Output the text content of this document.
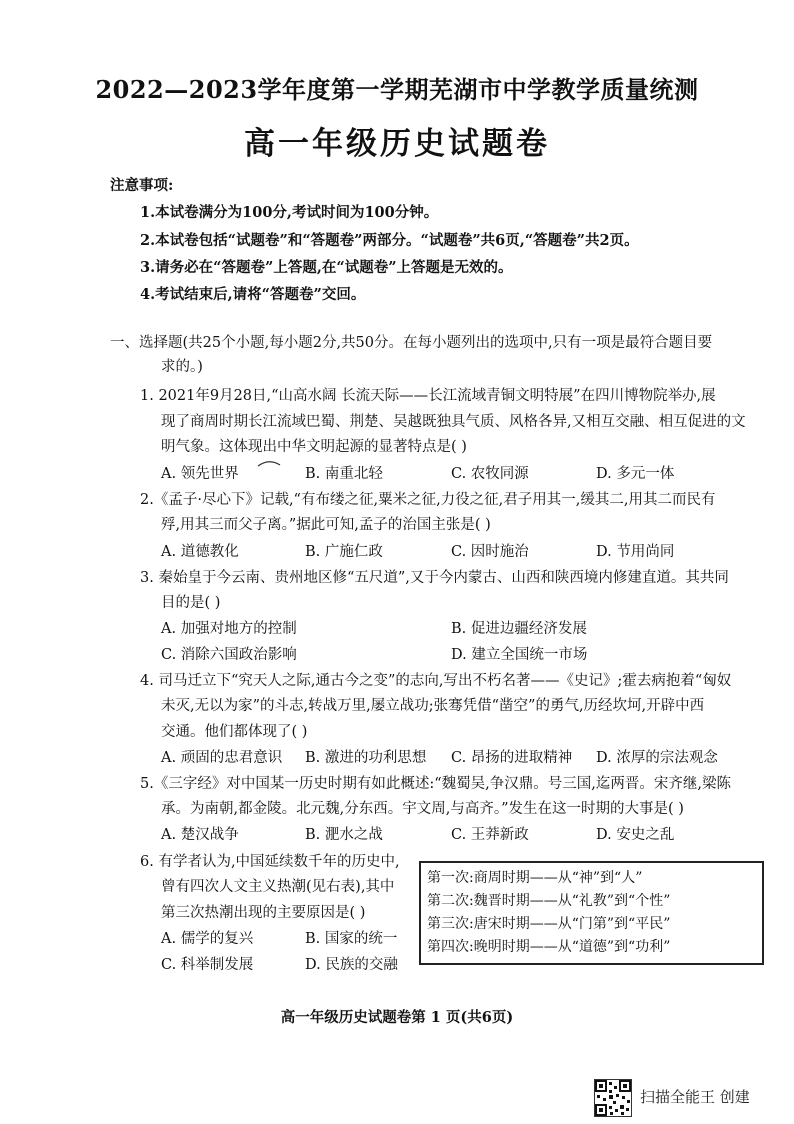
2022—2023学年度第一学期芜湖市中学教学质量统测
高一年级历史试题卷
注意事项:
1.本试卷满分为100分,考试时间为100分钟。
2.本试卷包括“试题卷”和“答题卷”两部分。“试题卷”共6页,“答题卷”共2页。
3.请务必在“答题卷”上答题,在“试题卷”上答题是无效的。
4.考试结束后,请将“答题卷”交回。
一、选择题(共25个小题,每小题2分,共50分。在每小题列出的选项中,只有一项是最符合题目要
求的。)
1. 2021年9月28日,“山高水阔 长流天际——长江流域青铜文明特展”在四川博物院举办,展
现了商周时期长江流域巴蜀、荆楚、吴越既独具气质、风格各异,又相互交融、相互促进的文
明气象。这体现出中华文明起源的显著特点是( )
A. 领先世界	B. 南重北轻	C. 农牧同源	D. 多元一体
2.《孟子·尽心下》记载,“有布缕之征,粟米之征,力役之征,君子用其一,缓其二,用其二而民有
殍,用其三而父子离。”据此可知,孟子的治国主张是( )
A. 道德教化	B. 广施仁政	C. 因时施治	D. 节用尚同
3. 秦始皇于今云南、贵州地区修“五尺道”,又于今内蒙古、山西和陕西境内修建直道。其共同
目的是( )
A. 加强对地方的控制	B. 促进边疆经济发展
C. 消除六国政治影响	D. 建立全国统一市场
4. 司马迁立下“究天人之际,通古今之变”的志向,写出不朽名著——《史记》;霍去病抱着“匈奴
未灭,无以为家”的斗志,转战万里,屡立战功;张骞凭借“凿空”的勇气,历经坎坷,开辟中西
交通。他们都体现了( )
A. 顽固的忠君意识 B. 激进的功利思想 C. 昂扬的进取精神 D. 浓厚的宗法观念
5.《三字经》对中国某一历史时期有如此概述:“魏蜀吴,争汉鼎。号三国,迄两晋。宋齐继,梁陈
承。为南朝,都金陵。北元魏,分东西。宇文周,与高齐。”发生在这一时期的大事是( )
A. 楚汉战争	B. 淝水之战	C. 王莽新政	D. 安史之乱
6. 有学者认为,中国延续数千年的历史中,
曾有四次人文主义热潮(见右表),其中
第三次热潮出现的主要原因是( )
A. 儒学的复兴	B. 国家的统一
C. 科举制发展	D. 民族的交融
第一次:商周时期——从“神”到“人”
第二次:魏晋时期——从“礼教”到“个性”
第三次:唐宋时期——从“门第”到“平民”
第四次:晚明时期——从“道德”到“功利”
高一年级历史试题卷第 1 页(共6页)
扫描全能王 创建
